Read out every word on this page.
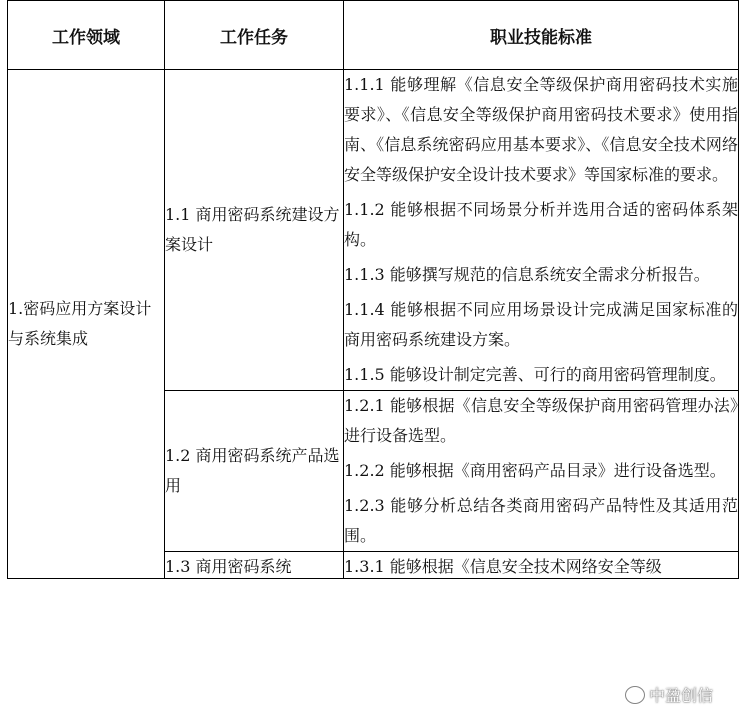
工作领域	工作任务	职业技能标准
1.密码应用方案设计与系统集成	1.1 商用密码系统建设方案设计	1.1.1 能够理解《信息安全等级保护商用密码技术实施要求》、《信息安全等级保护商用密码技术要求》使用指南、《信息系统密码应用基本要求》、《信息安全技术网络安全等级保护安全设计技术要求》等国家标准的要求。
1.1.2 能够根据不同场景分析并选用合适的密码体系架构。
1.1.3 能够撰写规范的信息系统安全需求分析报告。
1.1.4 能够根据不同应用场景设计完成满足国家标准的商用密码系统建设方案。
1.1.5 能够设计制定完善、可行的商用密码管理制度。

	1.2 商用密码系统产品选用	1.2.1 能够根据《信息安全等级保护商用密码管理办法》进行设备选型。
1.2.2 能够根据《商用密码产品目录》进行设备选型。
1.2.3 能够分析总结各类商用密码产品特性及其适用范围。

	1.3 商用密码系统	1.3.1 能够根据《信息安全技术网络安全等级
中盈创信
